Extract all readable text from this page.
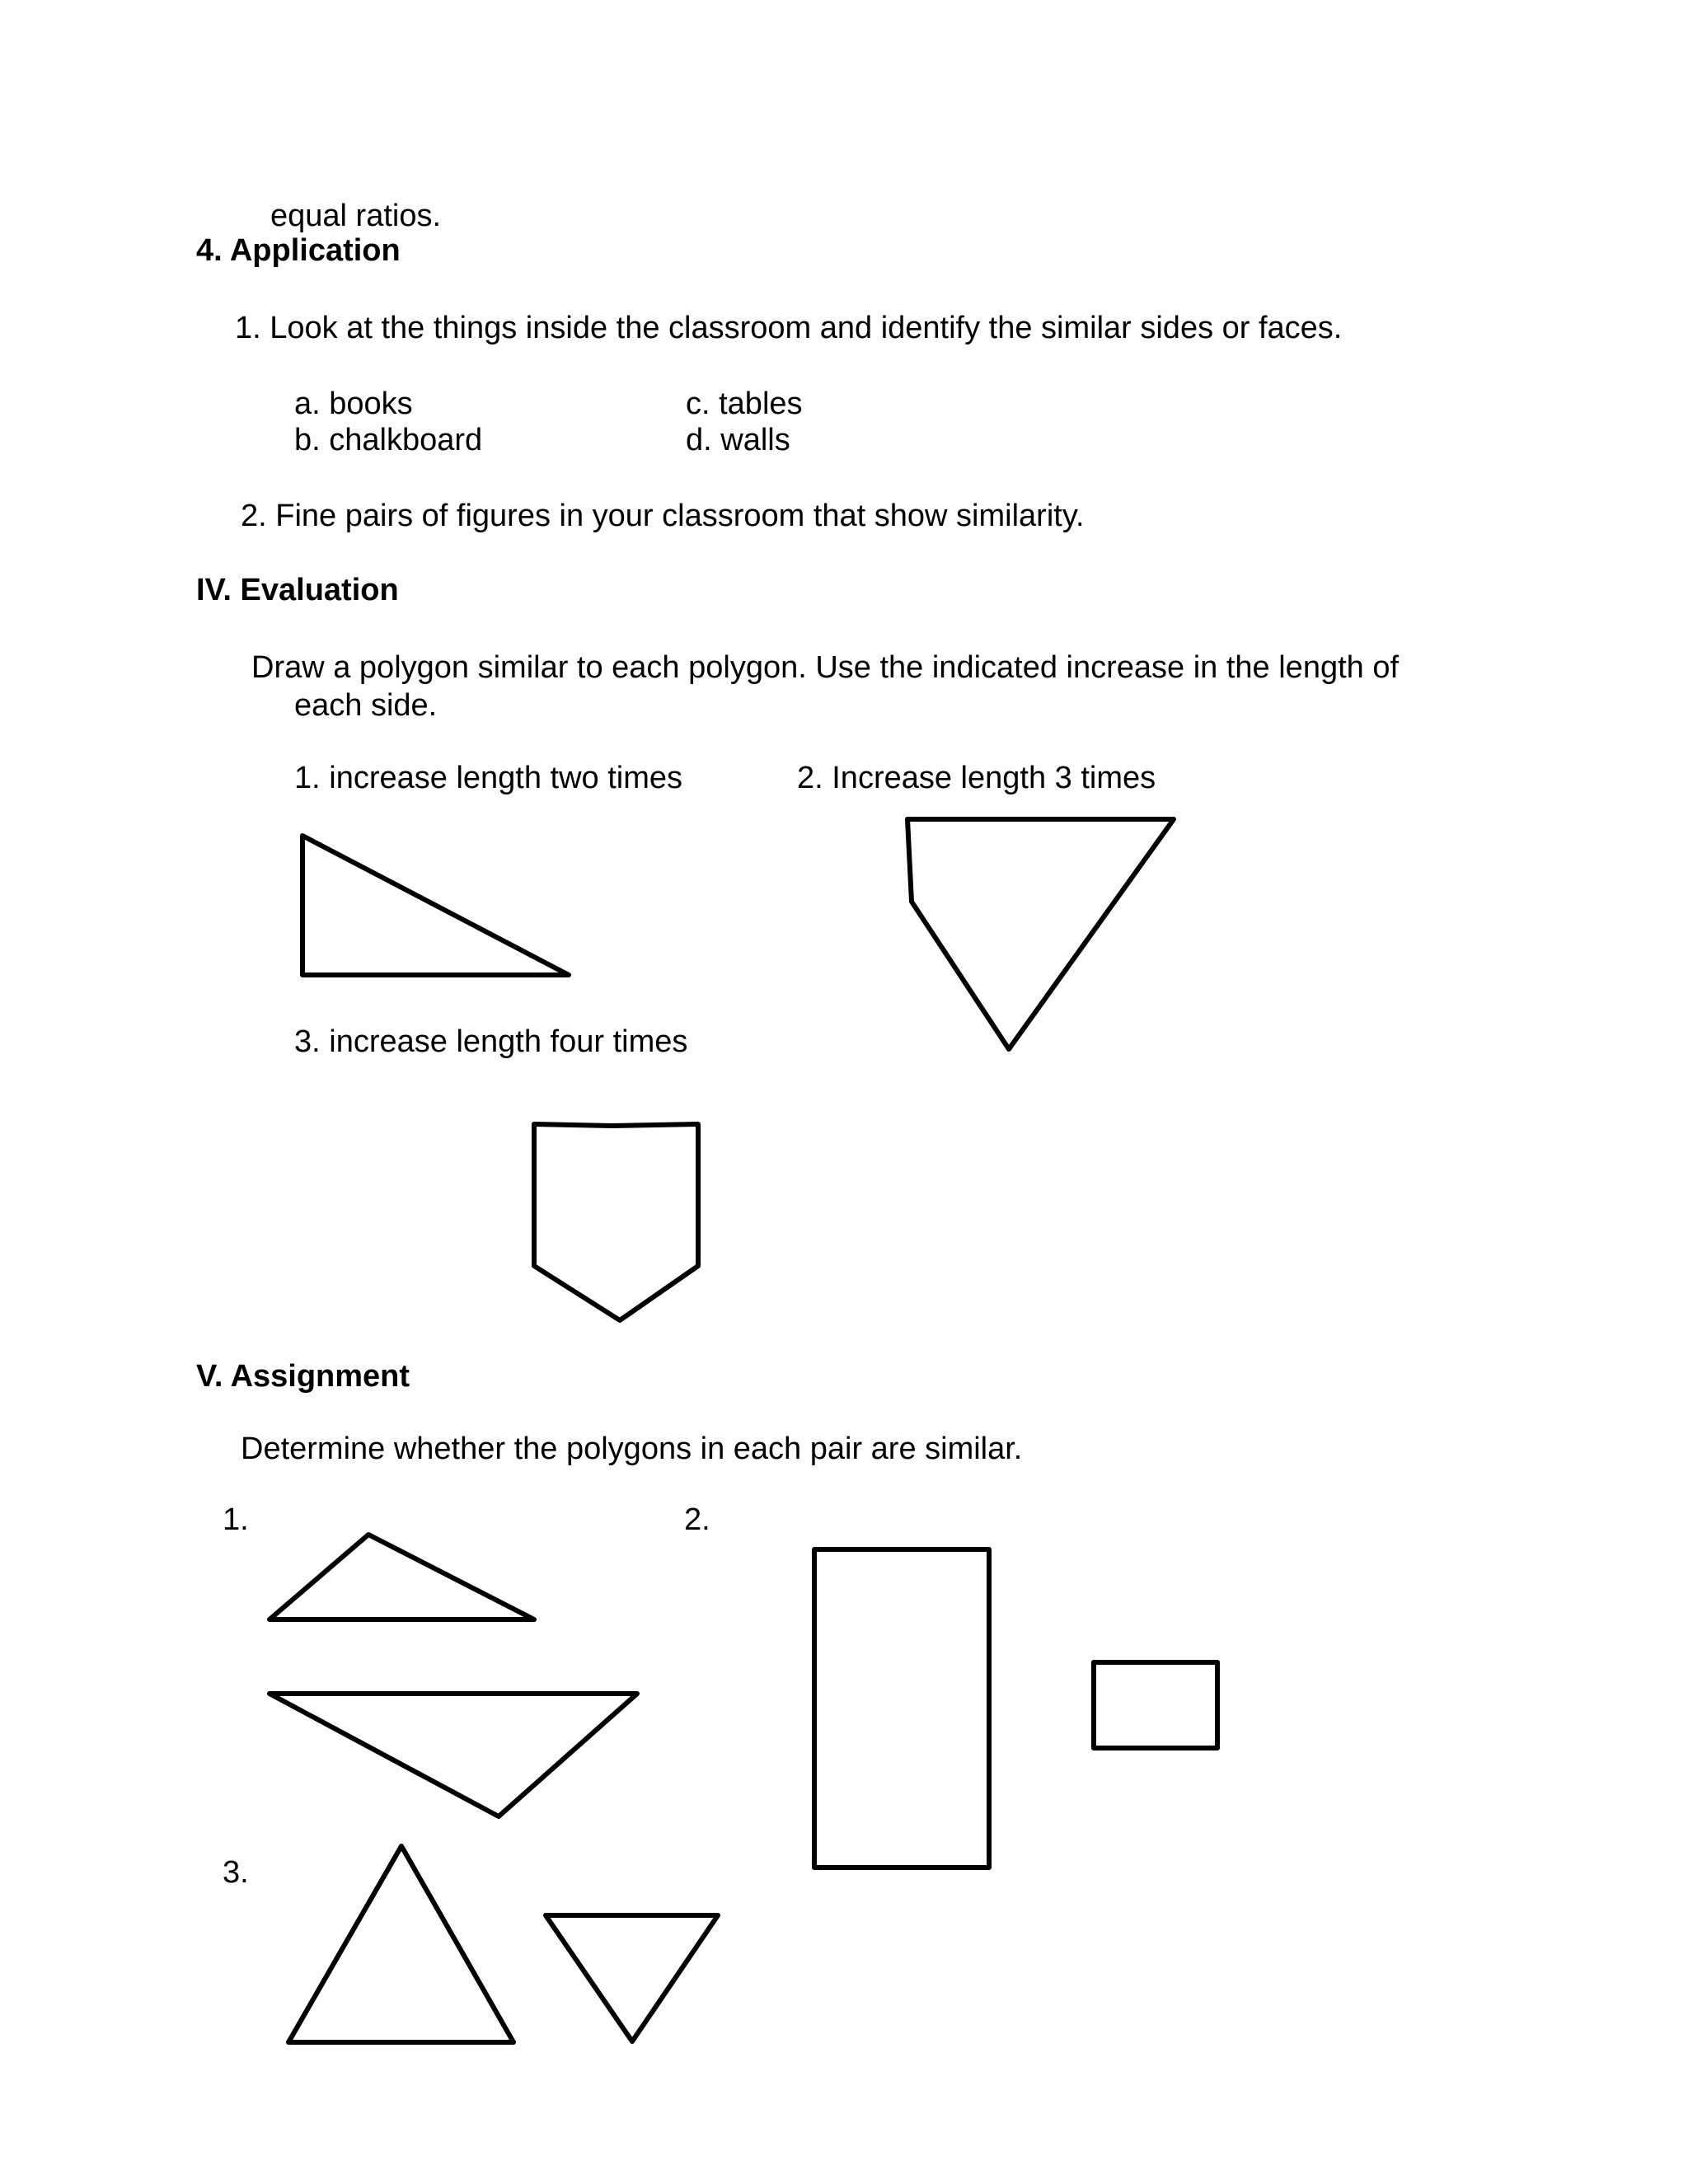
equal ratios.
4. Application
1. Look at the things inside the classroom and identify the similar sides or faces.
a. books
b. chalkboard
c. tables
d. walls
2. Fine pairs of figures in your classroom that show similarity.
IV. Evaluation
Draw a polygon similar to each polygon. Use the indicated increase in the length of
each side.
1. increase length two times	2. Increase length 3 times
3. increase length four times
V. Assignment
Determine whether the polygons in each pair are similar.
1.	2.
3.
